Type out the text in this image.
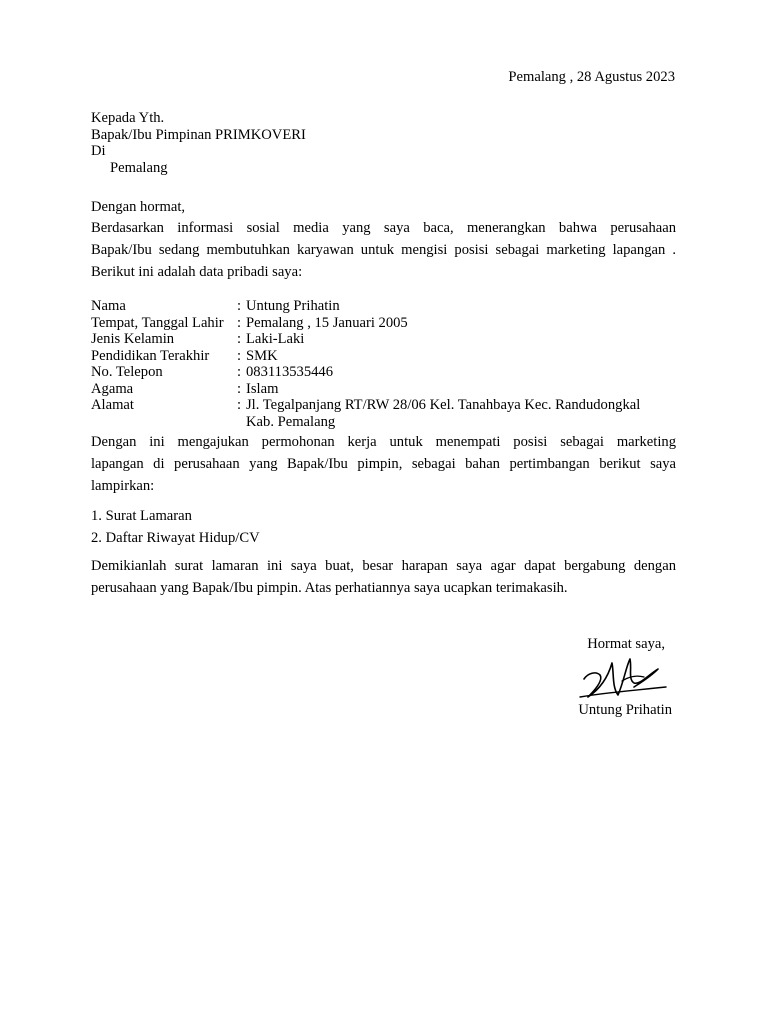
Pemalang , 28 Agustus 2023
Kepada Yth.
Bapak/Ibu Pimpinan PRIMKOVERI
Di
Pemalang
Dengan hormat,
Berdasarkan informasi sosial media yang saya baca, menerangkan bahwa perusahaan
Bapak/Ibu sedang membutuhkan karyawan untuk mengisi posisi sebagai marketing lapangan .
Berikut ini adalah data pribadi saya:
Nama	: Untung Prihatin
Tempat, Tanggal Lahir : Pemalang , 15 Januari 2005
Jenis Kelamin	: Laki-Laki
Pendidikan Terakhir	: SMK
No. Telepon	: 083113535446
Agama	: Islam
Alamat	: Jl. Tegalpanjang RT/RW 28/06 Kel. Tanahbaya Kec. Randudongkal
Kab. Pemalang
Dengan ini mengajukan permohonan kerja untuk menempati posisi sebagai marketing
lapangan di perusahaan yang Bapak/Ibu pimpin, sebagai bahan pertimbangan berikut saya
lampirkan:
1. Surat Lamaran
2. Daftar Riwayat Hidup/CV
Demikianlah surat lamaran ini saya buat, besar harapan saya agar dapat bergabung dengan
perusahaan yang Bapak/Ibu pimpin. Atas perhatiannya saya ucapkan terimakasih.
Hormat saya,
Untung Prihatin
